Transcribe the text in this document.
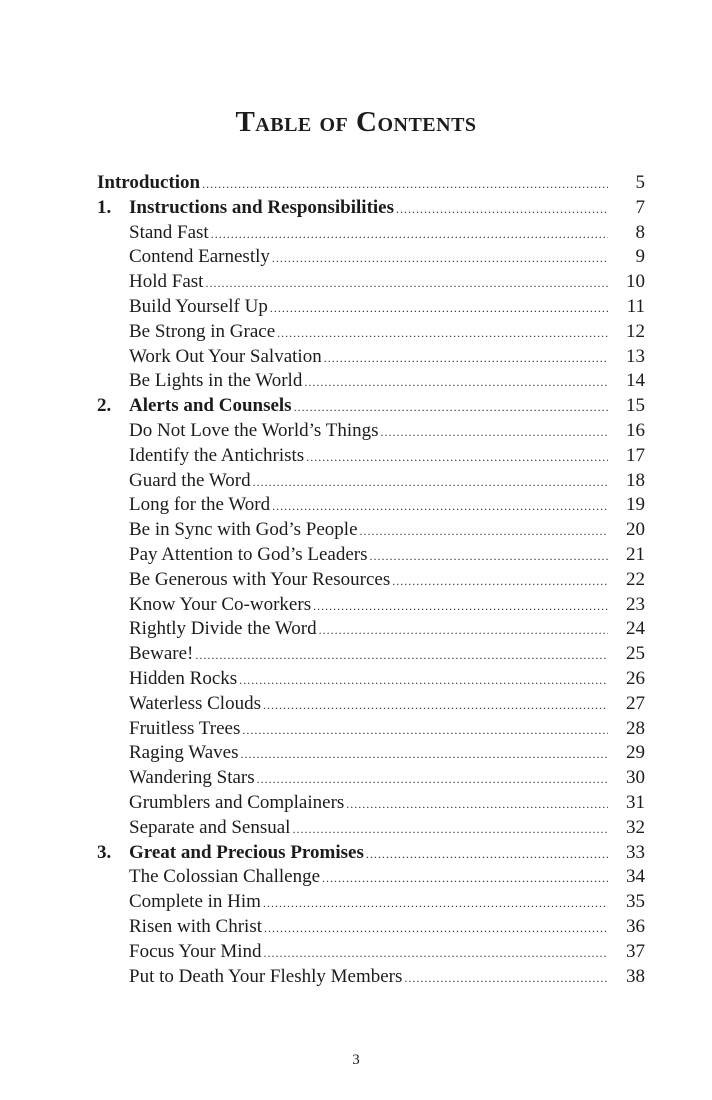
Table of Contents
Introduction .....	5
1. Instructions and Responsibilities .....	7
Stand Fast .....	8
Contend Earnestly .....	9
Hold Fast .....	10
Build Yourself Up .....	11
Be Strong in Grace .....	12
Work Out Your Salvation .....	13
Be Lights in the World .....	14
2. Alerts and Counsels .....	15
Do Not Love the World’s Things .....	16
Identify the Antichrists .....	17
Guard the Word .....	18
Long for the Word .....	19
Be in Sync with God’s People .....	20
Pay Attention to God’s Leaders .....	21
Be Generous with Your Resources .....	22
Know Your Co-workers .....	23
Rightly Divide the Word .....	24
Beware! .....	25
Hidden Rocks .....	26
Waterless Clouds .....	27
Fruitless Trees .....	28
Raging Waves .....	29
Wandering Stars .....	30
Grumblers and Complainers .....	31
Separate and Sensual .....	32
3. Great and Precious Promises .....	33
The Colossian Challenge .....	34
Complete in Him .....	35
Risen with Christ .....	36
Focus Your Mind .....	37
Put to Death Your Fleshly Members .....	38
3
